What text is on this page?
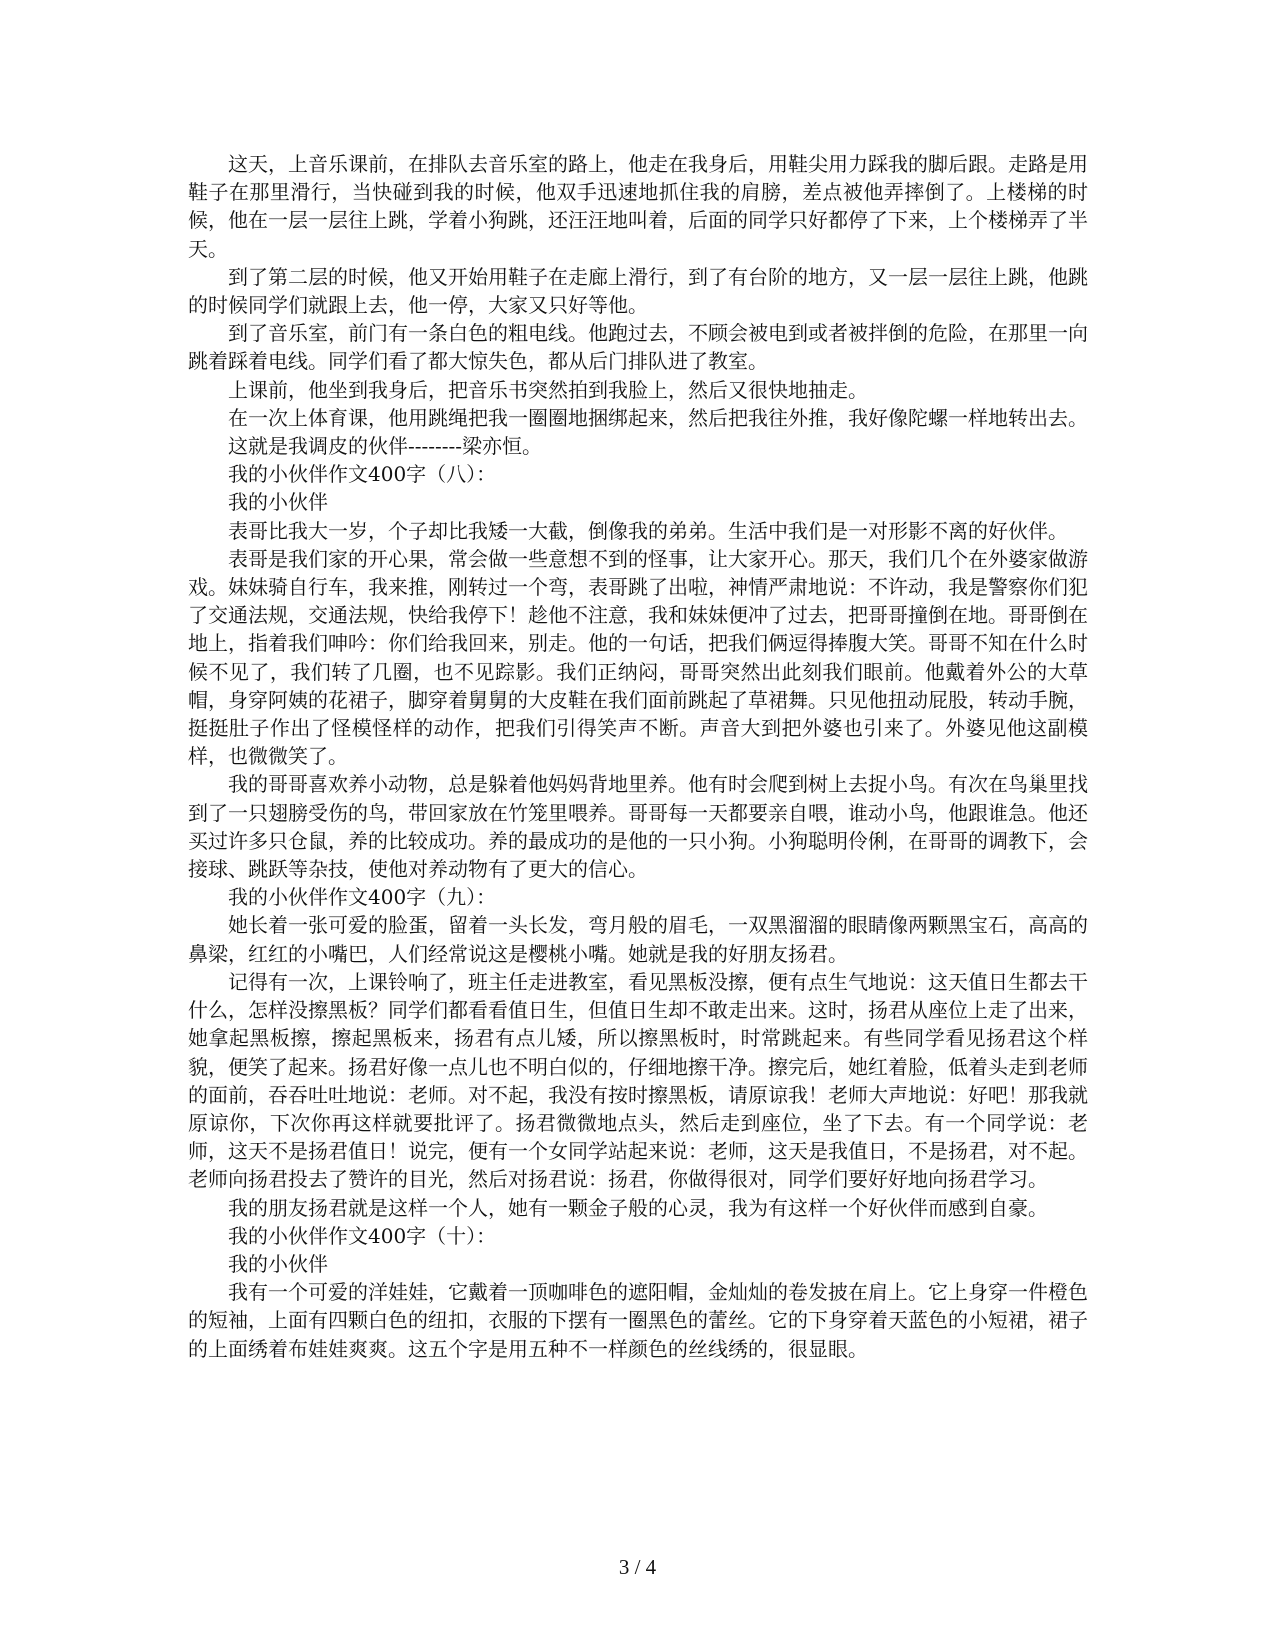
这天，上音乐课前，在排队去音乐室的路上，他走在我身后，用鞋尖用力踩我的脚后跟。走路是用鞋子在那里滑行，当快碰到我的时候，他双手迅速地抓住我的肩膀，差点被他弄摔倒了。上楼梯的时候，他在一层一层往上跳，学着小狗跳，还汪汪地叫着，后面的同学只好都停了下来，上个楼梯弄了半天。

到了第二层的时候，他又开始用鞋子在走廊上滑行，到了有台阶的地方，又一层一层往上跳，他跳的时候同学们就跟上去，他一停，大家又只好等他。

到了音乐室，前门有一条白色的粗电线。他跑过去，不顾会被电到或者被拌倒的危险，在那里一向跳着踩着电线。同学们看了都大惊失色，都从后门排队进了教室。

上课前，他坐到我身后，把音乐书突然拍到我脸上，然后又很快地抽走。

在一次上体育课，他用跳绳把我一圈圈地捆绑起来，然后把我往外推，我好像陀螺一样地转出去。

这就是我调皮的伙伴--------梁亦恒。

我的小伙伴作文400字（八）：

我的小伙伴

表哥比我大一岁，个子却比我矮一大截，倒像我的弟弟。生活中我们是一对形影不离的好伙伴。

表哥是我们家的开心果，常会做一些意想不到的怪事，让大家开心。那天，我们几个在外婆家做游戏。妹妹骑自行车，我来推，刚转过一个弯，表哥跳了出啦，神情严肃地说：不许动，我是警察你们犯了交通法规，交通法规，快给我停下！趁他不注意，我和妹妹便冲了过去，把哥哥撞倒在地。哥哥倒在地上，指着我们呻吟：你们给我回来，别走。他的一句话，把我们俩逗得捧腹大笑。哥哥不知在什么时候不见了，我们转了几圈，也不见踪影。我们正纳闷，哥哥突然出此刻我们眼前。他戴着外公的大草帽，身穿阿姨的花裙子，脚穿着舅舅的大皮鞋在我们面前跳起了草裙舞。只见他扭动屁股，转动手腕，挺挺肚子作出了怪模怪样的动作，把我们引得笑声不断。声音大到把外婆也引来了。外婆见他这副模样，也微微笑了。

我的哥哥喜欢养小动物，总是躲着他妈妈背地里养。他有时会爬到树上去捉小鸟。有次在鸟巢里找到了一只翅膀受伤的鸟，带回家放在竹笼里喂养。哥哥每一天都要亲自喂，谁动小鸟，他跟谁急。他还买过许多只仓鼠，养的比较成功。养的最成功的是他的一只小狗。小狗聪明伶俐，在哥哥的调教下，会接球、跳跃等杂技，使他对养动物有了更大的信心。

我的小伙伴作文400字（九）：

她长着一张可爱的脸蛋，留着一头长发，弯月般的眉毛，一双黑溜溜的眼睛像两颗黑宝石，高高的鼻梁，红红的小嘴巴，人们经常说这是樱桃小嘴。她就是我的好朋友扬君。

记得有一次，上课铃响了，班主任走进教室，看见黑板没擦，便有点生气地说：这天值日生都去干什么，怎样没擦黑板？同学们都看看值日生，但值日生却不敢走出来。这时，扬君从座位上走了出来，她拿起黑板擦，擦起黑板来，扬君有点儿矮，所以擦黑板时，时常跳起来。有些同学看见扬君这个样貌，便笑了起来。扬君好像一点儿也不明白似的，仔细地擦干净。擦完后，她红着脸，低着头走到老师的面前，吞吞吐吐地说：老师。对不起，我没有按时擦黑板，请原谅我！老师大声地说：好吧！那我就原谅你，下次你再这样就要批评了。扬君微微地点头，然后走到座位，坐了下去。有一个同学说：老师，这天不是扬君值日！说完，便有一个女同学站起来说：老师，这天是我值日，不是扬君，对不起。老师向扬君投去了赞许的目光，然后对扬君说：扬君，你做得很对，同学们要好好地向扬君学习。

我的朋友扬君就是这样一个人，她有一颗金子般的心灵，我为有这样一个好伙伴而感到自豪。

我的小伙伴作文400字（十）：

我的小伙伴

我有一个可爱的洋娃娃，它戴着一顶咖啡色的遮阳帽，金灿灿的卷发披在肩上。它上身穿一件橙色的短袖，上面有四颗白色的纽扣，衣服的下摆有一圈黑色的蕾丝。它的下身穿着天蓝色的小短裙，裙子的上面绣着布娃娃爽爽。这五个字是用五种不一样颜色的丝线绣的，很显眼。

3 / 4
